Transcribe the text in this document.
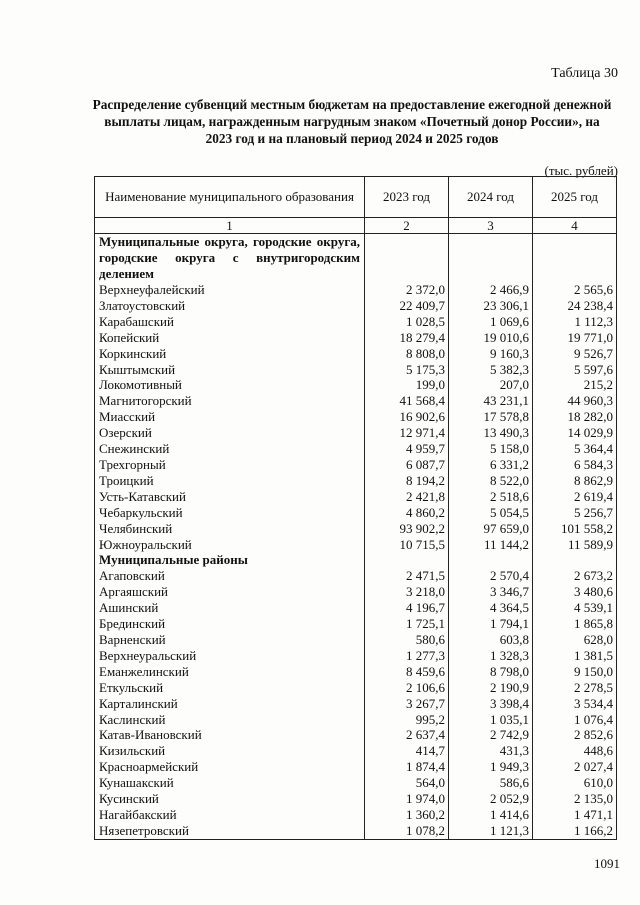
Таблица 30
Распределение субвенций местным бюджетам на предоставление ежегодной денежной выплаты лицам, награжденным нагрудным знаком «Почетный донор России», на 2023 год и на плановый период 2024 и 2025 годов
(тыс. рублей)
Наименование муниципального образования	2023 год	2024 год	2025 год
1	2	3	4
Муниципальные округа, городские округа, городские округа с внутригородским делением			
Верхнеуфалейский	2 372,0	2 466,9	2 565,6
Златоустовский	22 409,7	23 306,1	24 238,4
Карабашский	1 028,5	1 069,6	1 112,3
Копейский	18 279,4	19 010,6	19 771,0
Коркинский	8 808,0	9 160,3	9 526,7
Кыштымский	5 175,3	5 382,3	5 597,6
Локомотивный	199,0	207,0	215,2
Магнитогорский	41 568,4	43 231,1	44 960,3
Миасский	16 902,6	17 578,8	18 282,0
Озерский	12 971,4	13 490,3	14 029,9
Снежинский	4 959,7	5 158,0	5 364,4
Трехгорный	6 087,7	6 331,2	6 584,3
Троицкий	8 194,2	8 522,0	8 862,9
Усть-Катавский	2 421,8	2 518,6	2 619,4
Чебаркульский	4 860,2	5 054,5	5 256,7
Челябинский	93 902,2	97 659,0	101 558,2
Южноуральский	10 715,5	11 144,2	11 589,9
Муниципальные районы			
Агаповский	2 471,5	2 570,4	2 673,2
Аргаяшский	3 218,0	3 346,7	3 480,6
Ашинский	4 196,7	4 364,5	4 539,1
Брединский	1 725,1	1 794,1	1 865,8
Варненский	580,6	603,8	628,0
Верхнеуральский	1 277,3	1 328,3	1 381,5
Еманжелинский	8 459,6	8 798,0	9 150,0
Еткульский	2 106,6	2 190,9	2 278,5
Карталинский	3 267,7	3 398,4	3 534,4
Каслинский	995,2	1 035,1	1 076,4
Катав-Ивановский	2 637,4	2 742,9	2 852,6
Кизильский	414,7	431,3	448,6
Красноармейский	1 874,4	1 949,3	2 027,4
Кунашакский	564,0	586,6	610,0
Кусинский	1 974,0	2 052,9	2 135,0
Нагайбакский	1 360,2	1 414,6	1 471,1
Нязепетровский	1 078,2	1 121,3	1 166,2
1091
